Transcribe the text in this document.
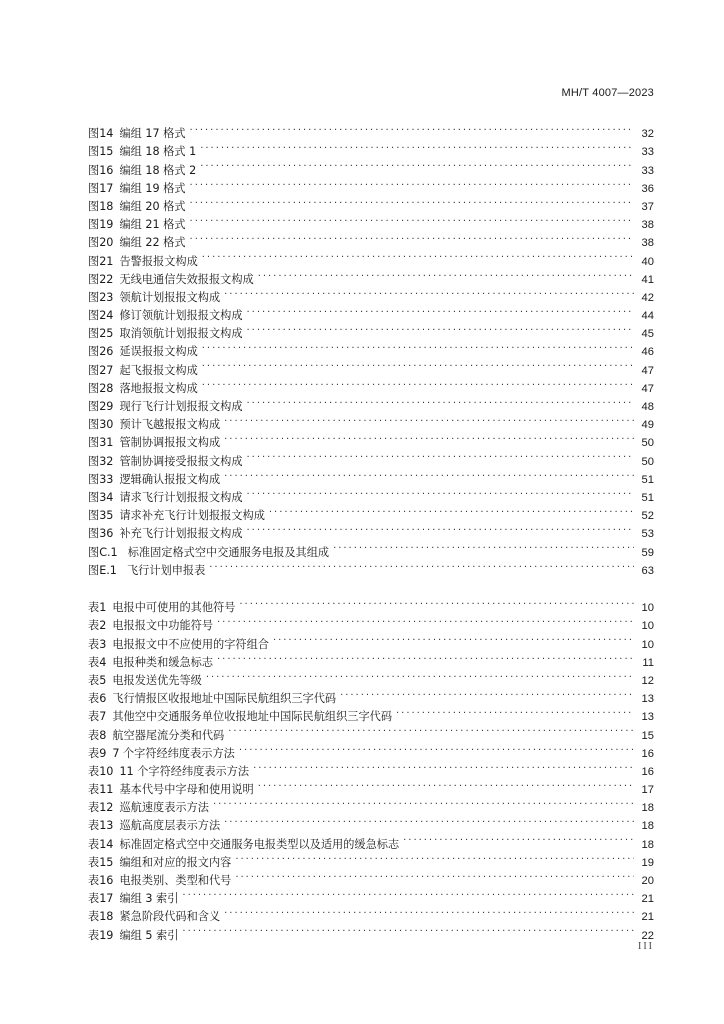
MH/T 4007—2023
图14 编组 17 格式 . . .	32
图15 编组 18 格式 1 . . .	33
图16 编组 18 格式 2 . . .	33
图17 编组 19 格式 . . .	36
图18 编组 20 格式 . . .	37
图19 编组 21 格式 . . .	38
图20 编组 22 格式 . . .	38
图21 告警报报文构成 . . .	40
图22 无线电通信失效报报文构成 . . .	41
图23 领航计划报报文构成 . . .	42
图24 修订领航计划报报文构成 . . .	44
图25 取消领航计划报报文构成 . . .	45
图26 延误报报文构成 . . .	46
图27 起飞报报文构成 . . .	47
图28 落地报报文构成 . . .	47
图29 现行飞行计划报报文构成 . . .	48
图30 预计飞越报报文构成 . . .	49
图31 管制协调报报文构成 . . .	50
图32 管制协调接受报报文构成 . . .	50
图33 逻辑确认报报文构成 . . .	51
图34 请求飞行计划报报文构成 . . .	51
图35 请求补充飞行计划报报文构成 . . .	52
图36 补充飞行计划报报文构成 . . .	53
图C.1 标准固定格式空中交通服务电报及其组成 . . .	59
图E.1 飞行计划申报表 . . .	63
表1 电报中可使用的其他符号 . . .	10
表2 电报报文中功能符号 . . .	10
表3 电报报文中不应使用的字符组合 . . .	10
表4 电报种类和缓急标志 . . .	11
表5 电报发送优先等级 . . .	12
表6 飞行情报区收报地址中国际民航组织三字代码 . . .	13
表7 其他空中交通服务单位收报地址中国际民航组织三字代码 . . .	13
表8 航空器尾流分类和代码 . . .	15
表9 7 个字符经纬度表示方法 . . .	16
表10 11 个字符经纬度表示方法 . . .	16
表11 基本代号中字母和使用说明 . . .	17
表12 巡航速度表示方法 . . .	18
表13 巡航高度层表示方法 . . .	18
表14 标准固定格式空中交通服务电报类型以及适用的缓急标志 . . .	18
表15 编组和对应的报文内容 . . .	19
表16 电报类别、类型和代号 . . .	20
表17 编组 3 索引 . . .	21
表18 紧急阶段代码和含义 . . .	21
表19 编组 5 索引 . . .	22
III
